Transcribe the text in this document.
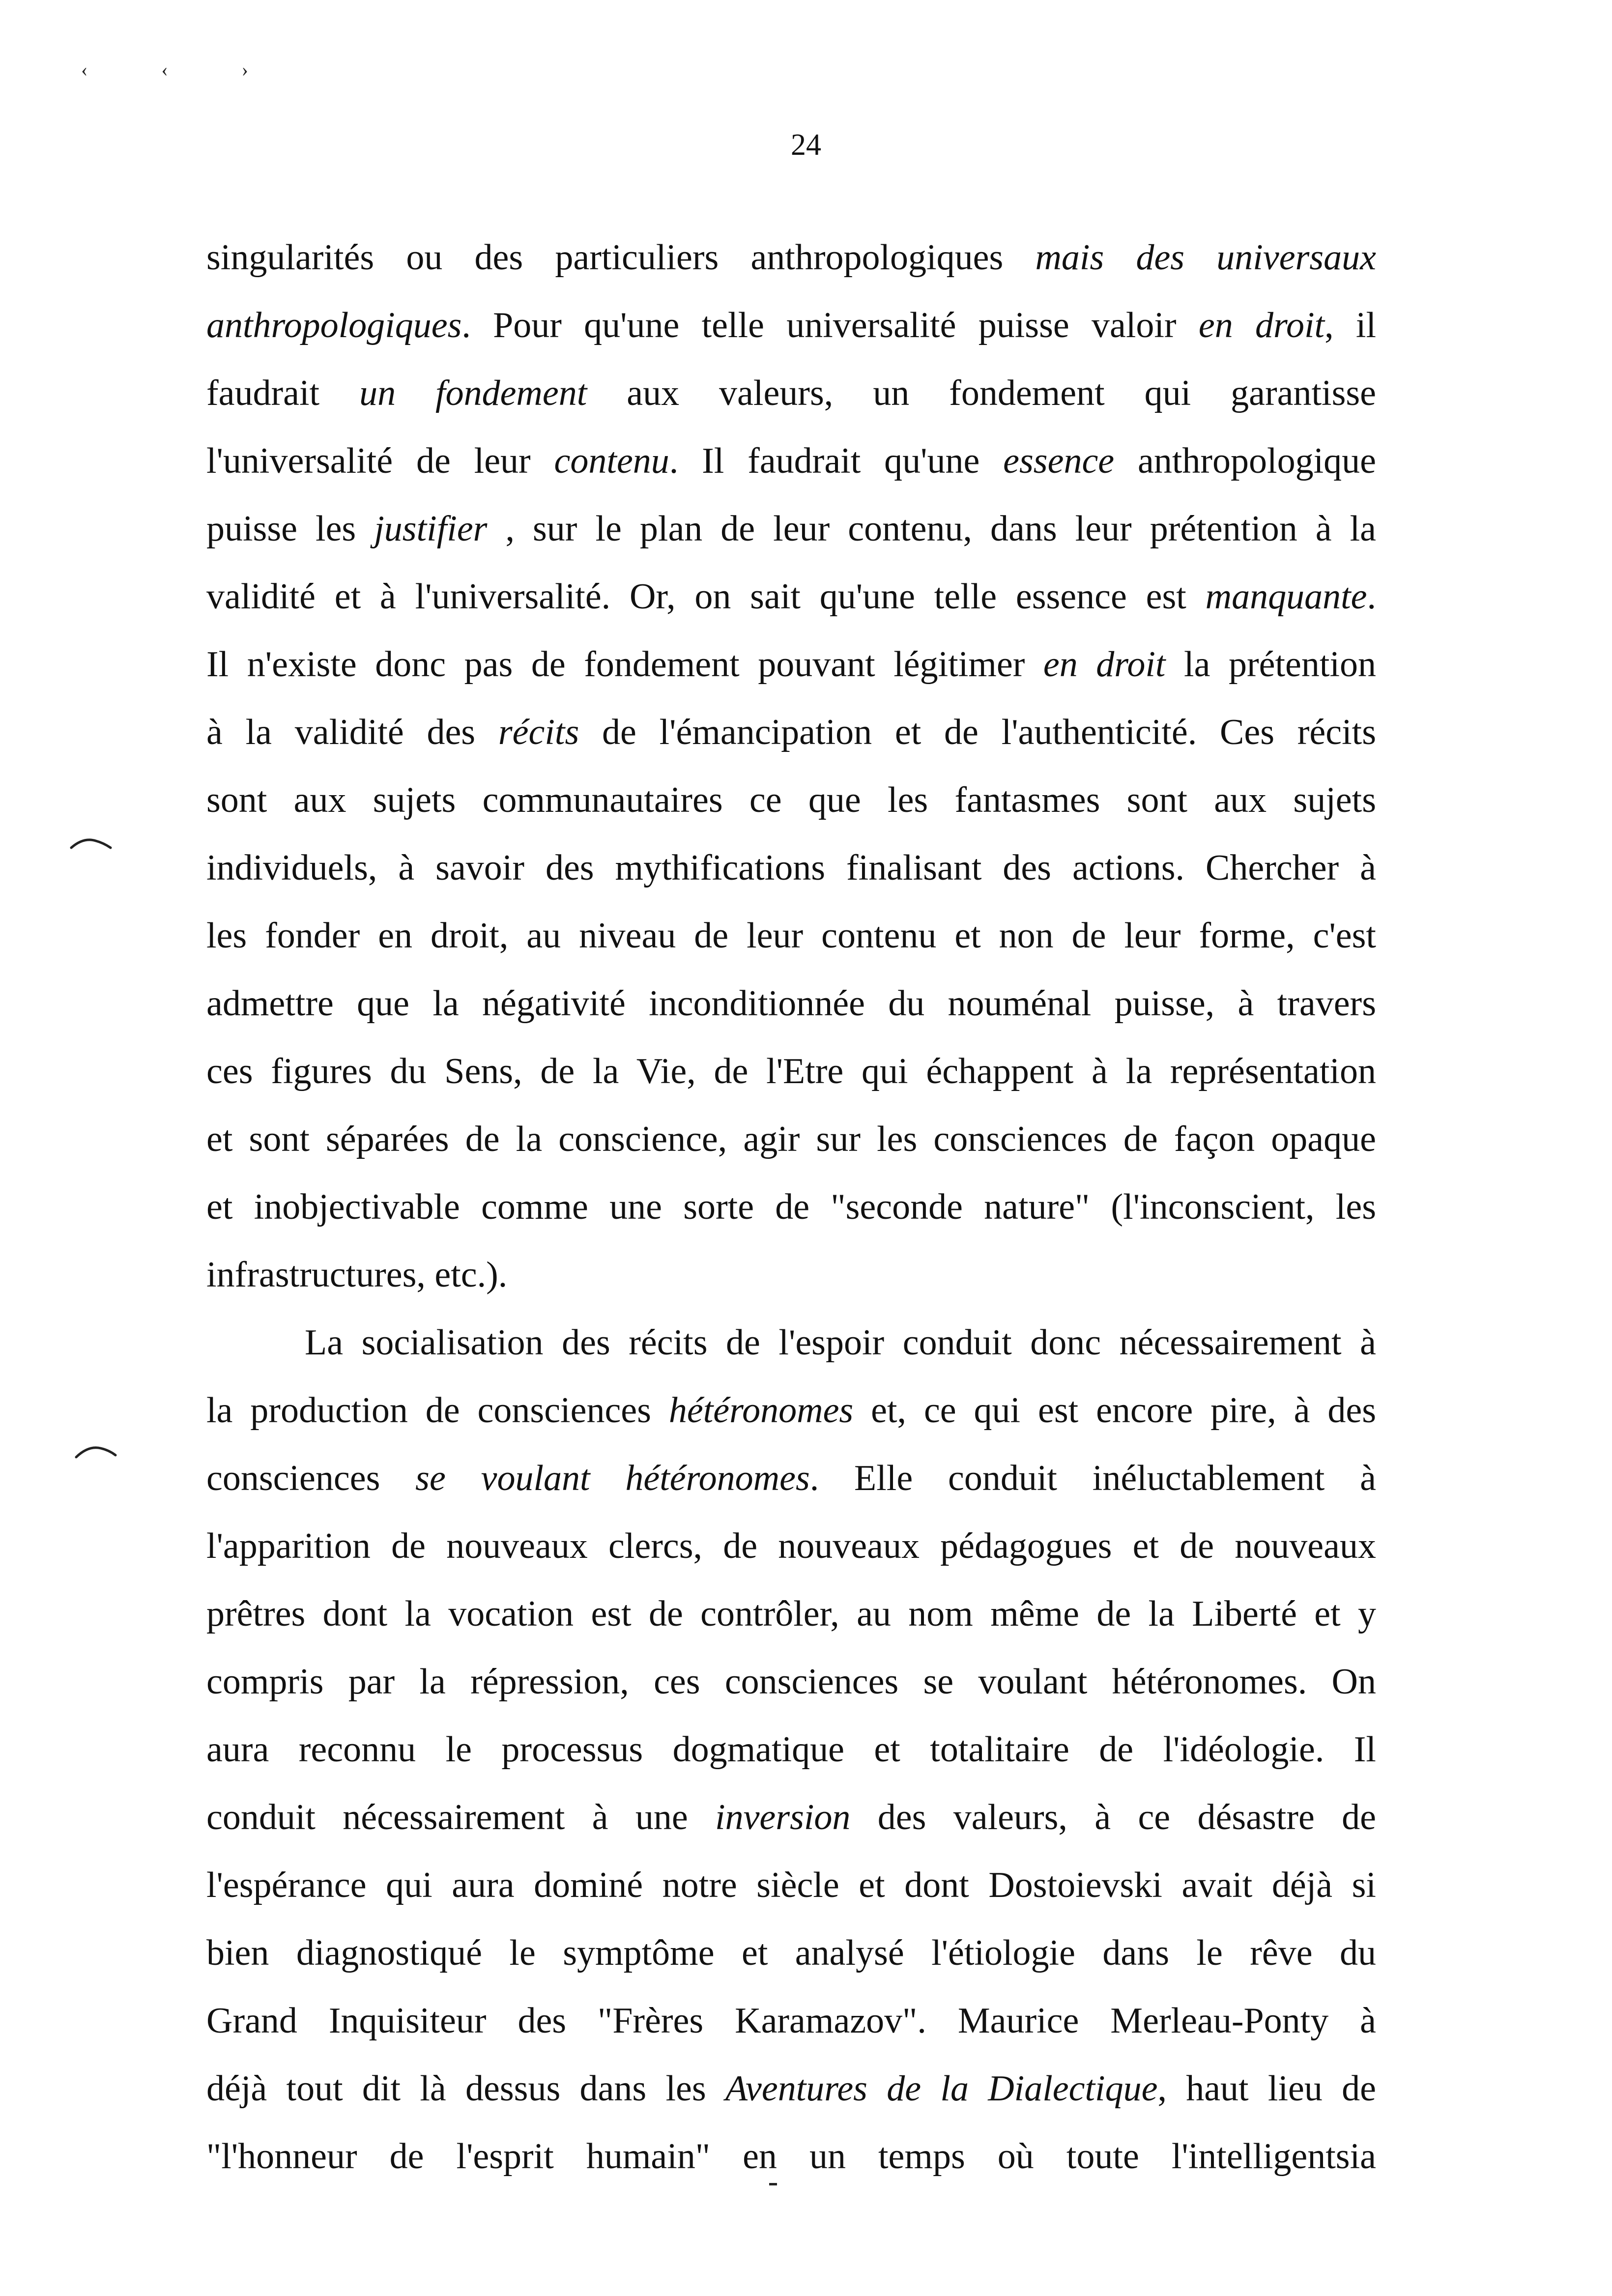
‹ ‹ ›
24
singularités ou des particuliers anthropologiques mais des universaux
anthropologiques. Pour qu'une telle universalité puisse valoir en droit, il
faudrait un fondement aux valeurs, un fondement qui garantisse
l'universalité de leur contenu. Il faudrait qu'une essence anthropologique
puisse les justifier , sur le plan de leur contenu, dans leur prétention à la
validité et à l'universalité. Or, on sait qu'une telle essence est manquante.
Il n'existe donc pas de fondement pouvant légitimer en droit la prétention
à la validité des récits de l'émancipation et de l'authenticité. Ces récits
sont aux sujets communautaires ce que les fantasmes sont aux sujets
individuels, à savoir des mythifications finalisant des actions. Chercher à
les fonder en droit, au niveau de leur contenu et non de leur forme, c'est
admettre que la négativité inconditionnée du nouménal puisse, à travers
ces figures du Sens, de la Vie, de l'Etre qui échappent à la représentation
et sont séparées de la conscience, agir sur les consciences de façon opaque
et inobjectivable comme une sorte de "seconde nature" (l'inconscient, les
infrastructures, etc.).
La socialisation des récits de l'espoir conduit donc nécessairement à
la production de consciences hétéronomes et, ce qui est encore pire, à des
consciences se voulant hétéronomes. Elle conduit inéluctablement à
l'apparition de nouveaux clercs, de nouveaux pédagogues et de nouveaux
prêtres dont la vocation est de contrôler, au nom même de la Liberté et y
compris par la répression, ces consciences se voulant hétéronomes. On
aura reconnu le processus dogmatique et totalitaire de l'idéologie. Il
conduit nécessairement à une inversion des valeurs, à ce désastre de
l'espérance qui aura dominé notre siècle et dont Dostoievski avait déjà si
bien diagnostiqué le symptôme et analysé l'étiologie dans le rêve du
Grand Inquisiteur des "Frères Karamazov". Maurice Merleau-Ponty à
déjà tout dit là dessus dans les Aventures de la Dialectique, haut lieu de
"l'honneur de l'esprit humain" en un temps où toute l'intelligentsia
